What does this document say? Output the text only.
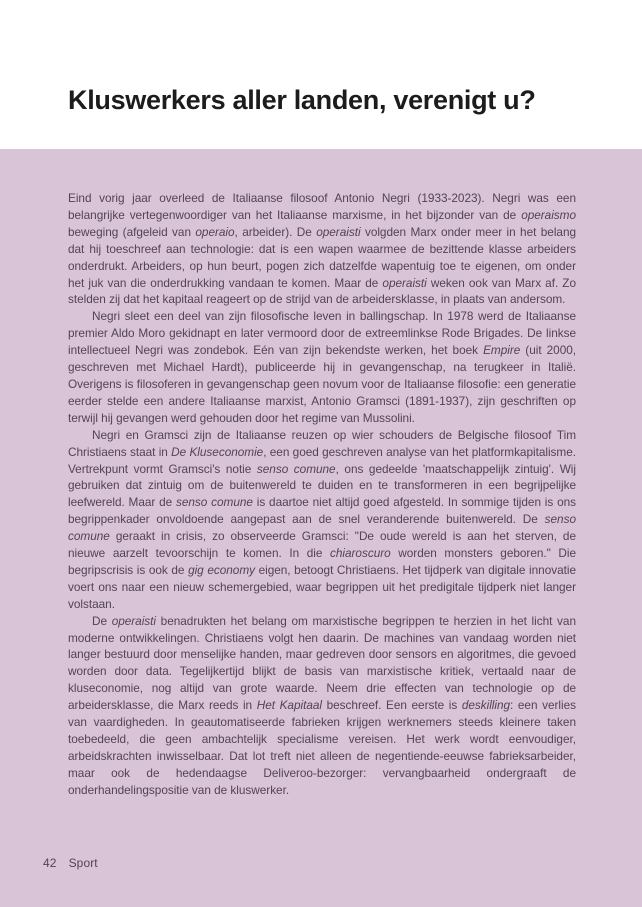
Kluswerkers aller landen, verenigt u?

Eind vorig jaar overleed de Italiaanse filosoof Antonio Negri (1933-2023). Negri was een belangrijke vertegenwoordiger van het Italiaanse marxisme, in het bijzonder van de operaismo beweging (afgeleid van operaio, arbeider). De operaisti volgden Marx onder meer in het belang dat hij toeschreef aan technologie: dat is een wapen waarmee de bezittende klasse arbeiders onderdrukt. Arbeiders, op hun beurt, pogen zich datzelfde wapentuig toe te eigenen, om onder het juk van die onderdrukking vandaan te komen. Maar de operaisti weken ook van Marx af. Zo stelden zij dat het kapitaal reageert op de strijd van de arbeidersklasse, in plaats van andersom.

Negri sleet een deel van zijn filosofische leven in ballingschap. In 1978 werd de Italiaanse premier Aldo Moro gekidnapt en later vermoord door de extreemlinkse Rode Brigades. De linkse intellectueel Negri was zondebok. Eén van zijn bekendste werken, het boek Empire (uit 2000, geschreven met Michael Hardt), publiceerde hij in gevangenschap, na terugkeer in Italië. Overigens is filosoferen in gevangenschap geen novum voor de Italiaanse filosofie: een generatie eerder stelde een andere Italiaanse marxist, Antonio Gramsci (1891-1937), zijn geschriften op terwijl hij gevangen werd gehouden door het regime van Mussolini.

Negri en Gramsci zijn de Italiaanse reuzen op wier schouders de Belgische filosoof Tim Christiaens staat in De Kluseconomie, een goed geschreven analyse van het platformkapitalisme. Vertrekpunt vormt Gramsci's notie senso comune, ons gedeelde 'maatschappelijk zintuig'. Wij gebruiken dat zintuig om de buitenwereld te duiden en te transformeren in een begrijpelijke leefwereld. Maar de senso comune is daartoe niet altijd goed afgesteld. In sommige tijden is ons begrippenkader onvoldoende aangepast aan de snel veranderende buitenwereld. De senso comune geraakt in crisis, zo observeerde Gramsci: "De oude wereld is aan het sterven, de nieuwe aarzelt tevoorschijn te komen. In die chiaroscuro worden monsters geboren." Die begripscrisis is ook de gig economy eigen, betoogt Christiaens. Het tijdperk van digitale innovatie voert ons naar een nieuw schemergebied, waar begrippen uit het predigitale tijdperk niet langer volstaan.

De operaisti benadrukten het belang om marxistische begrippen te herzien in het licht van moderne ontwikkelingen. Christiaens volgt hen daarin. De machines van vandaag worden niet langer bestuurd door menselijke handen, maar gedreven door sensors en algoritmes, die gevoed worden door data. Tegelijkertijd blijkt de basis van marxistische kritiek, vertaald naar de kluseconomie, nog altijd van grote waarde. Neem drie effecten van technologie op de arbeidersklasse, die Marx reeds in Het Kapitaal beschreef. Een eerste is deskilling: een verlies van vaardigheden. In geautomatiseerde fabrieken krijgen werknemers steeds kleinere taken toebedeeld, die geen ambachtelijk specialisme vereisen. Het werk wordt eenvoudiger, arbeidskrachten inwisselbaar. Dat lot treft niet alleen de negentiende-eeuwse fabrieksarbeider, maar ook de hedendaagse Deliveroo-bezorger: vervangbaarheid ondergraaft de onderhandelingspositie van de kluswerker.

42 Sport
